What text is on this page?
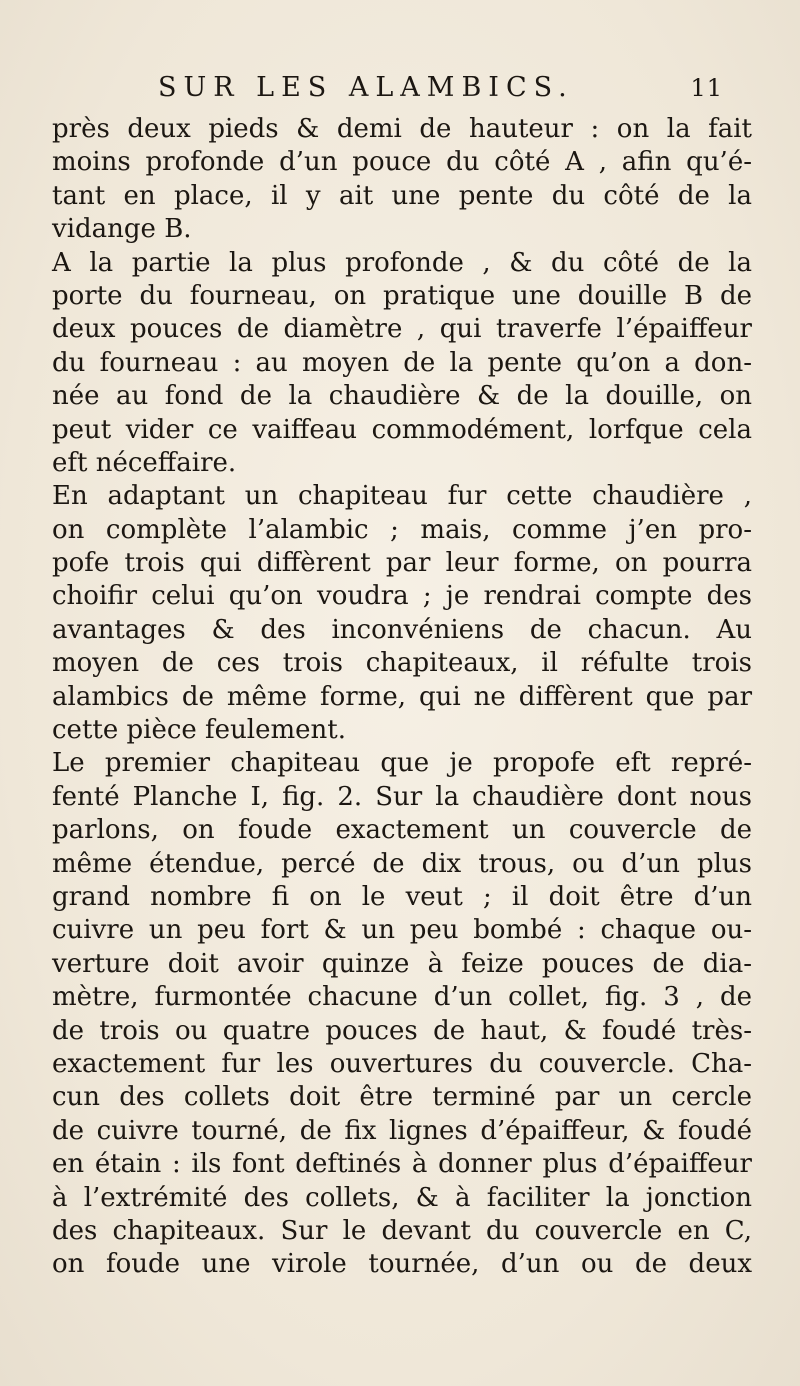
SUR LES ALAMBICS.	11
près deux pieds & demi de hauteur : on la fait
moins profonde d’un pouce du côté A , afin qu’é-
tant en place, il y ait une pente du côté de la
vidange B.
A la partie la plus profonde , & du côté de la
porte du fourneau, on pratique une douille B de
deux pouces de diamètre , qui traverfe l’épaiffeur
du fourneau : au moyen de la pente qu’on a don-
née au fond de la chaudière & de la douille, on
peut vider ce vaiffeau commodément, lorfque cela
eft néceffaire.
En adaptant un chapiteau fur cette chaudière ,
on complète l’alambic ; mais, comme j’en pro-
pofe trois qui diffèrent par leur forme, on pourra
choifir celui qu’on voudra ; je rendrai compte des
avantages & des inconvéniens de chacun. Au
moyen de ces trois chapiteaux, il réfulte trois
alambics de même forme, qui ne diffèrent que par
cette pièce feulement.
Le premier chapiteau que je propofe eft repré-
fenté Planche I, fig. 2. Sur la chaudière dont nous
parlons, on foude exactement un couvercle de
même étendue, percé de dix trous, ou d’un plus
grand nombre fi on le veut ; il doit être d’un
cuivre un peu fort & un peu bombé : chaque ou-
verture doit avoir quinze à feize pouces de dia-
mètre, furmontée chacune d’un collet, fig. 3 , de
de trois ou quatre pouces de haut, & foudé très-
exactement fur les ouvertures du couvercle. Cha-
cun des collets doit être terminé par un cercle
de cuivre tourné, de fix lignes d’épaiffeur, & foudé
en étain : ils font deftinés à donner plus d’épaiffeur
à l’extrémité des collets, & à faciliter la jonction
des chapiteaux. Sur le devant du couvercle en C,
on foude une virole tournée, d’un ou de deux
